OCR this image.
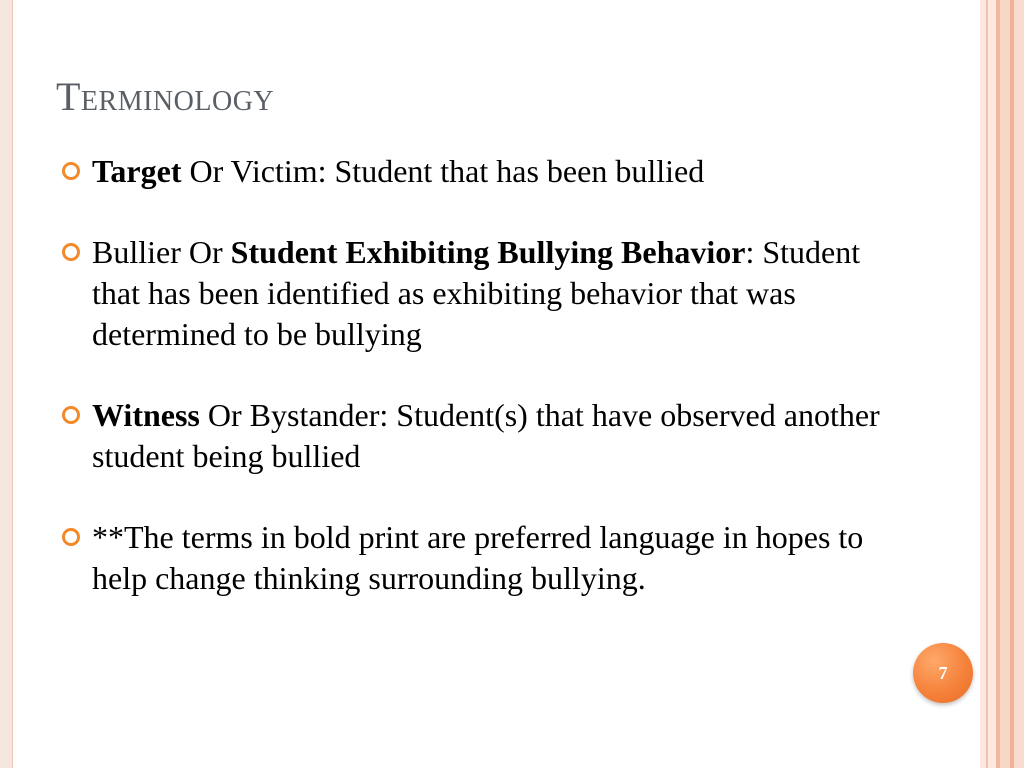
Terminology
Target Or Victim: Student that has been bullied
Bullier Or Student Exhibiting Bullying Behavior: Student that has been identified as exhibiting behavior that was determined to be bullying
Witness Or Bystander: Student(s) that have observed another student being bullied
**The terms in bold print are preferred language in hopes to help change thinking surrounding bullying.
7
